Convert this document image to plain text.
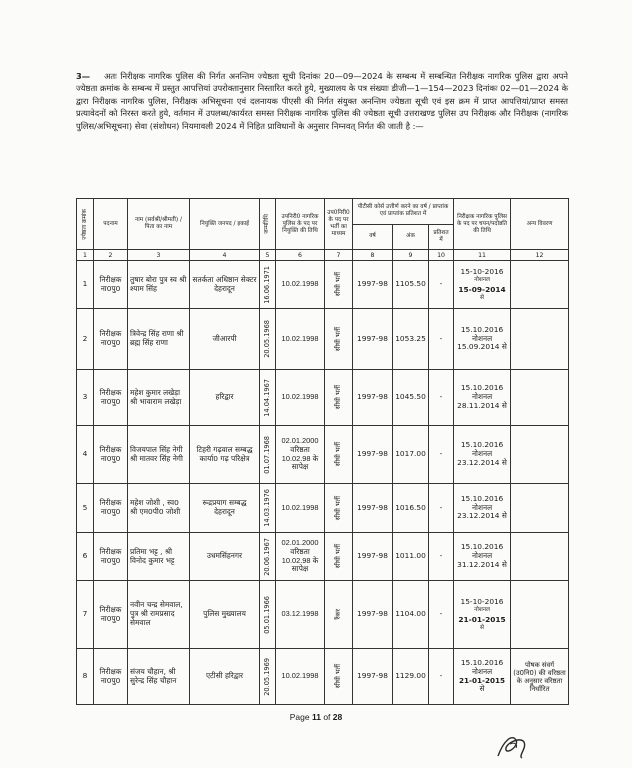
3— अतः निरीक्षक नागरिक पुलिस की निर्गत अनन्तिम ज्येष्ठता सूची दिनांकः 20—09—2024 के सम्बन्ध में सम्बन्धित निरीक्षक नागरिक पुलिस द्वारा अपने ज्येष्ठता क्रमांक के सम्बन्ध में प्रस्तुत आपत्तियां उपरोक्तानुसार निस्तारित करते हुये, मुख्यालय के पत्र संख्याः डीजी—1—154—2023 दिनांकः 02—01—2024 के द्वारा निरीक्षक नागरिक पुलिस, निरीक्षक अभिसूचना एवं दलनायक पीएसी की निर्गत संयुक्त अनन्तिम ज्येष्ठता सूची एवं इस क्रम में प्राप्त आपत्तियां/प्राप्त समस्त प्रत्यावेदनों को निरस्त करते हुये, वर्तमान में उपलब्ध/कार्यरत समस्त निरीक्षक नागरिक पुलिस की ज्येष्ठता सूची उत्तराखण्ड पुलिस उप निरीक्षक और निरीक्षक (नागरिक पुलिस/अभिसूचना) सेवा (संशोधन) नियमावली 2024 में निहित प्राविधानों के अनुसार निम्नवत् निर्गत की जाती है :—
ज्येष्ठता क्रमांक	पदनाम	नाम (सर्वश्री/श्रीमती) / पिता का नाम	नियुक्ति जनपद / इकाई	जन्मतिथि	उपनिरी0 नागरिक पुलिस के पद पर नियुक्ति की तिथि	उप0निरी0 के पद पर भर्ती का माध्यम	पीटीसी कोर्स उत्तीर्ण करने का वर्ष / प्राप्तांक एवं प्राप्तांक प्रतिशत में			निरीक्षक नागरिक पुलिस के पद पर चयन/पदोन्नति की तिथि	अन्य विवरण
							वर्ष	अंक	प्रतिशत में		
1	2	3	4	5	6	7	8	9	10	11	12
1	निरीक्षक ना0पु0	तुषार बोरा पुत्र स्व श्री श्याम सिंह	सतर्कता अधिष्ठान सेक्टर देहरादून	16.06.1971	10.02.1998	सीधी भर्ती	1997-98	1105.50	-	15-10-2016
नोशनल
15-09-2014
से	

2	निरीक्षक ना0पु0	त्रिवेन्द्र सिंह राणा श्री ब्रह्म सिंह राणा	जीआरपी	20.05.1968	10.02.1998	सीधी भर्ती	1997-98	1053.25	-	15.10.2016
नोशनल
15.09.2014 से	

3	निरीक्षक ना0पु0	महेश कुमार लखेड़ा श्री भावाराम लखेड़ा	हरिद्वार	14.04.1967	10.02.1998	सीधी भर्ती	1997-98	1045.50	-	15.10.2016
नोशनल
28.11.2014 से	

4	निरीक्षक ना0पु0	विजयपाल सिंह नेगी श्री मातवर सिंह नेगी	टिहरी गढ़वाल सम्बद्ध कार्या0 गढ़ परिक्षेत्र	01.07.1968	02.01.2000 वरिष्ठता 10.02.98 के सापेक्ष	सीधी भर्ती	1997-98	1017.00	-	15.10.2016
नोशनल
23.12.2014 से	

5	निरीक्षक ना0पु0	महेश जोशी , स्व0 श्री एम0पी0 जोशी	रूद्रप्रयाग सम्बद्ध देहरादून	14.03.1976	10.02.1998	सीधी भर्ती	1997-98	1016.50	-	15.10.2016
नोशनल
23.12.2014 से	

6	निरीक्षक ना0पु0	प्रतिमा भट्ट , श्री विनोद कुमार भट्ट	उधमसिंहनगर	20.06.1967	02.01.2000 वरिष्ठता 10.02.98 के सापेक्ष	सीधी भर्ती	1997-98	1011.00	-	15.10.2016
नोशनल
31.12.2014 से	

7	निरीक्षक ना0पु0	नवीन चन्द्र सेमवाल, पुत्र श्री रामप्रसाद सेमवाल	पुलिस मुख्यालय	05.01.1966	03.12.1998	रैंकर	1997-98	1104.00	-	15-10-2016
नोशनल
21-01-2015
से	

8	निरीक्षक ना0पु0	संजय चौहान, श्री सुरेन्द्र सिंह चौहान	एटीसी हरिद्वार	20.05.1969	10.02.1998	सीधी भर्ती	1997-98	1129.00	-	15.10.2016
नोशनल
21-01-2015 से	पोषक संवर्ग (उ0नि0) की वरिष्ठता के अनुसार वरिष्ठता निर्धारित
Page 11 of 28
